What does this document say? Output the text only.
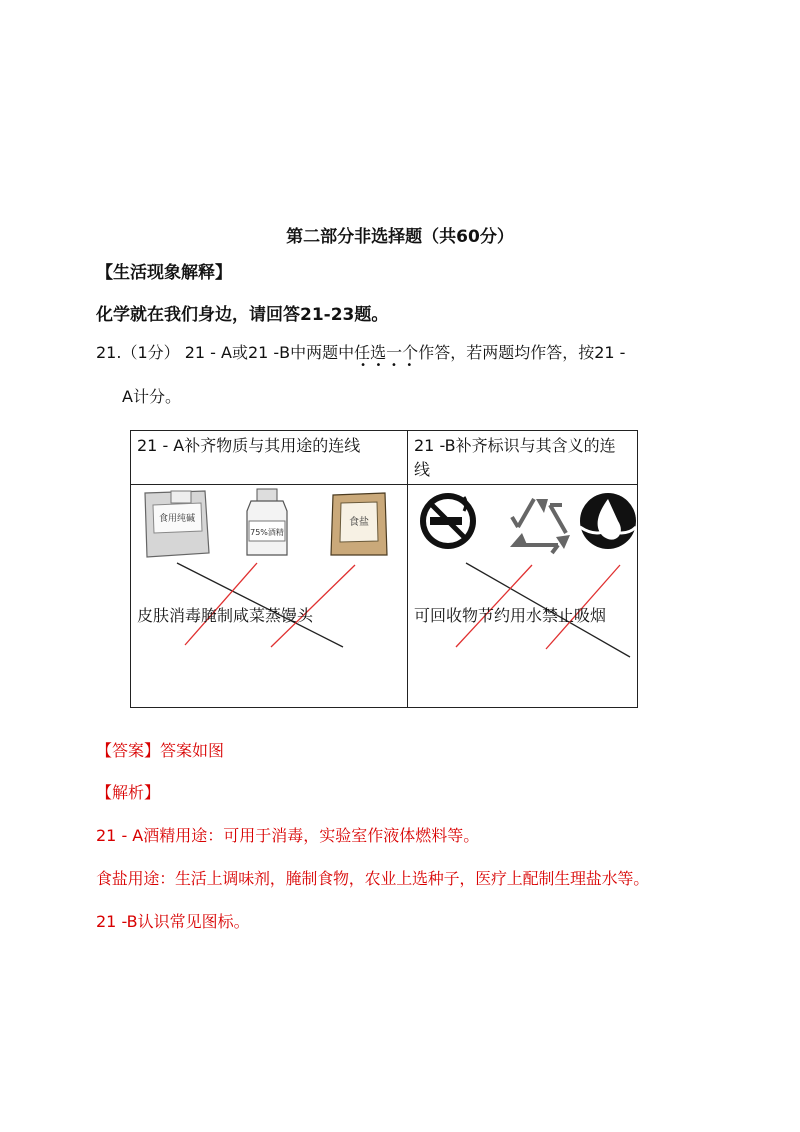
第二部分非选择题（共60分）
【生活现象解释】
化学就在我们身边，请回答21-23题。
21.（1分） 21 - A或21 -B中两题中任选一个
•   •   •   •
作答，若两题均作答，按21 -
A计分。
21 - A补齐物质与其用途的连线	21 -B补齐标识与其含义的连线

食用纯碱
75%酒精
食盐
皮肤消毒腌制咸菜蒸馒头	可回收物节约用水禁止吸烟
【答案】答案如图
【解析】
21 - A酒精用途：可用于消毒，实验室作液体燃料等。
食盐用途：生活上调味剂，腌制食物，农业上选种子，医疗上配制生理盐水等。
21 -B认识常见图标。
